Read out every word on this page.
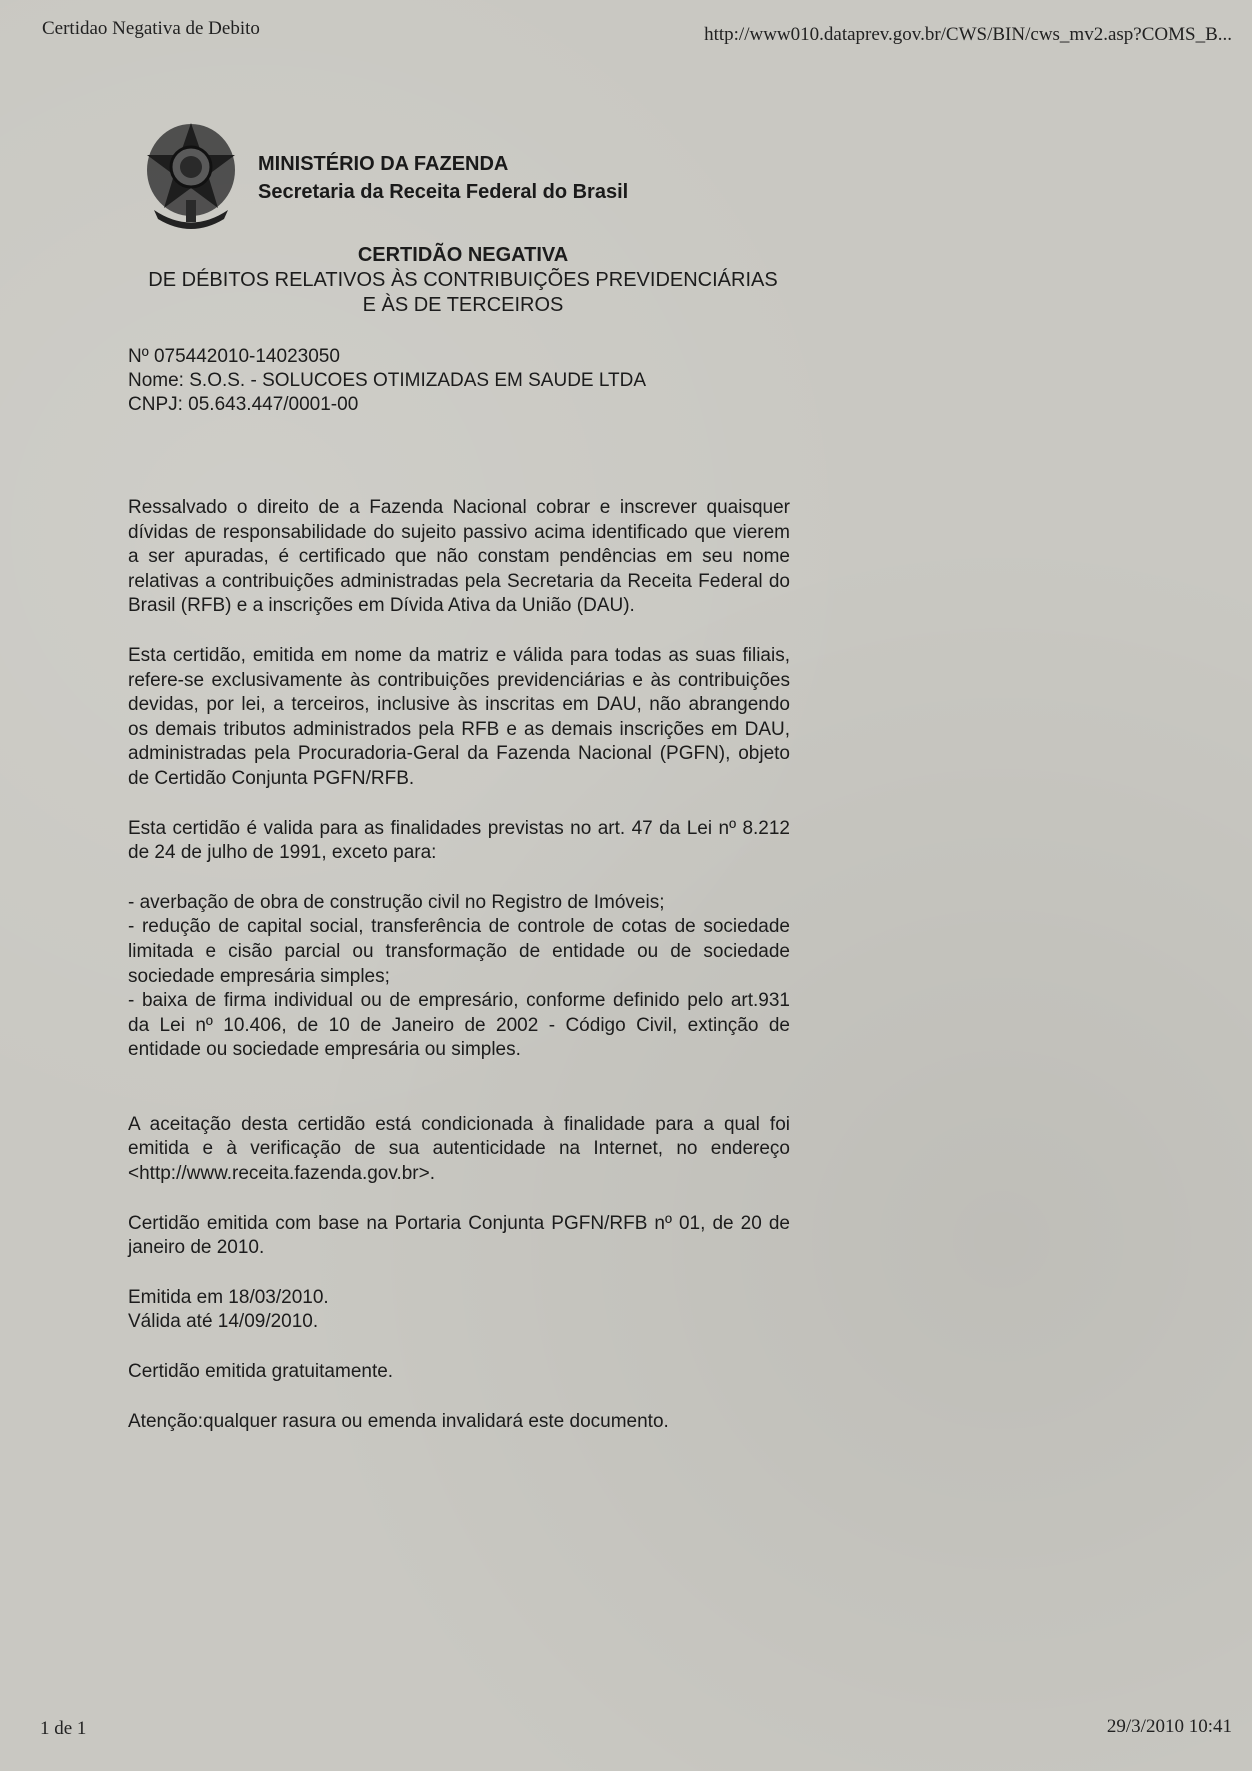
Certidao Negativa de Debito	http://www010.dataprev.gov.br/CWS/BIN/cws_mv2.asp?COMS_B...
MINISTÉRIO DA FAZENDA
Secretaria da Receita Federal do Brasil
CERTIDÃO NEGATIVA
DE DÉBITOS RELATIVOS ÀS CONTRIBUIÇÕES PREVIDENCIÁRIAS
E ÀS DE TERCEIROS
Nº 075442010-14023050
Nome: S.O.S. - SOLUCOES OTIMIZADAS EM SAUDE LTDA
CNPJ: 05.643.447/0001-00

Ressalvado o direito de a Fazenda Nacional cobrar e inscrever quaisquer dívidas de responsabilidade do sujeito passivo acima identificado que vierem a ser apuradas, é certificado que não constam pendências em seu nome relativas a contribuições administradas pela Secretaria da Receita Federal do Brasil (RFB) e a inscrições em Dívida Ativa da União (DAU).

Esta certidão, emitida em nome da matriz e válida para todas as suas filiais, refere-se exclusivamente às contribuições previdenciárias e às contribuições devidas, por lei, a terceiros, inclusive às inscritas em DAU, não abrangendo os demais tributos administrados pela RFB e as demais inscrições em DAU, administradas pela Procuradoria-Geral da Fazenda Nacional (PGFN), objeto de Certidão Conjunta PGFN/RFB.

Esta certidão é valida para as finalidades previstas no art. 47 da Lei nº 8.212 de 24 de julho de 1991, exceto para:

- averbação de obra de construção civil no Registro de Imóveis;

- redução de capital social, transferência de controle de cotas de sociedade limitada e cisão parcial ou transformação de entidade ou de sociedade sociedade empresária simples;

- baixa de firma individual ou de empresário, conforme definido pelo art.931 da Lei nº 10.406, de 10 de Janeiro de 2002 - Código Civil, extinção de entidade ou sociedade empresária ou simples.

A aceitação desta certidão está condicionada à finalidade para a qual foi emitida e à verificação de sua autenticidade na Internet, no endereço <http://www.receita.fazenda.gov.br>.

Certidão emitida com base na Portaria Conjunta PGFN/RFB nº 01, de 20 de janeiro de 2010.

Emitida em 18/03/2010.

Válida até 14/09/2010.

Certidão emitida gratuitamente.

Atenção:qualquer rasura ou emenda invalidará este documento.

1 de 1	29/3/2010 10:41
